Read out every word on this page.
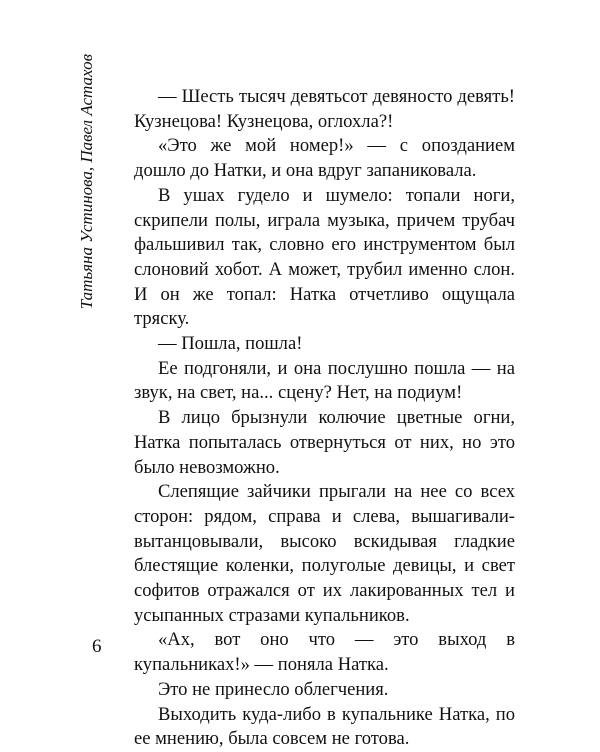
Татьяна Устинова, Павел Астахов	— Шесть тысяч девятьсот девяносто девять! Кузнецова! Кузнецова, оглохла?!

«Это же мой номер!» — с опозданием дошло до Натки, и она вдруг запаниковала.

В ушах гудело и шумело: топали ноги, скрипели полы, играла музыка, причем трубач фальшивил так, словно его инструментом был слоновий хобот. А может, трубил именно слон. И он же топал: Натка отчетливо ощущала тряску.

— Пошла, пошла!

Ее подгоняли, и она послушно пошла — на звук, на свет, на... сцену? Нет, на подиум!

В лицо брызнули колючие цветные огни, Натка попыталась отвернуться от них, но это было невозможно.

Слепящие зайчики прыгали на нее со всех сторон: рядом, справа и слева, вышагивали-вытанцовывали, высоко вскидывая гладкие блестящие коленки, полуголые девицы, и свет софитов отражался от их лакированных тел и усыпанных стразами купальников.

«Ах, вот оно что — это выход в купальниках!» — поняла Натка.

Это не принесло облегчения.

Выходить куда-либо в купальнике Натка, по ее мнению, была совсем не готова.

6
